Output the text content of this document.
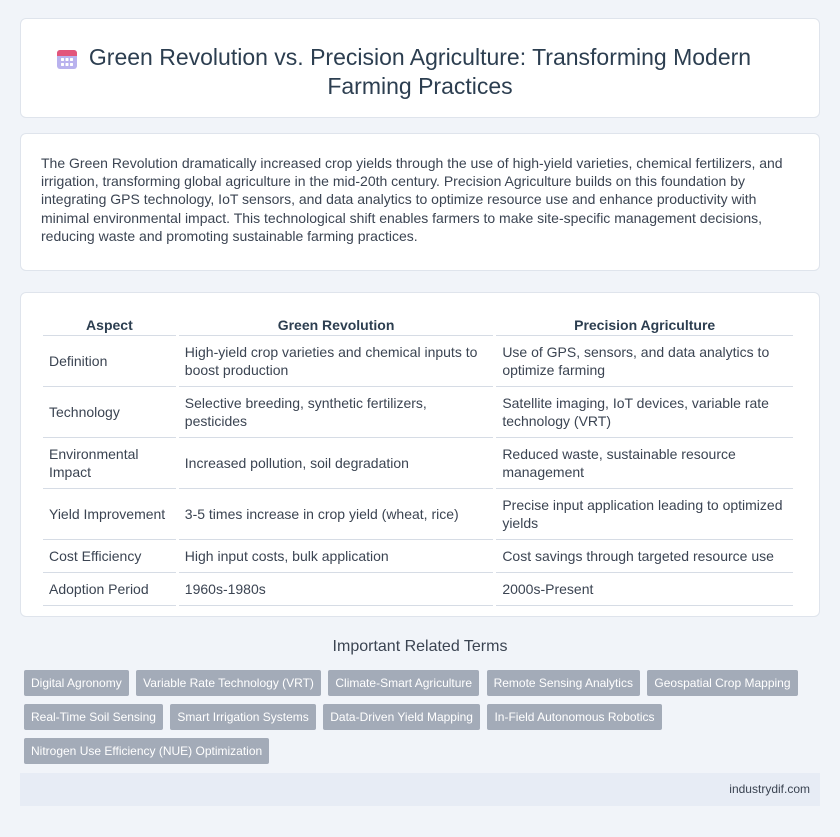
Green Revolution vs. Precision Agriculture: Transforming Modern Farming Practices

The Green Revolution dramatically increased crop yields through the use of high-yield varieties, chemical fertilizers, and irrigation, transforming global agriculture in the mid-20th century. Precision Agriculture builds on this foundation by integrating GPS technology, IoT sensors, and data analytics to optimize resource use and enhance productivity with minimal environmental impact. This technological shift enables farmers to make site-specific management decisions, reducing waste and promoting sustainable farming practices.

Aspect	Green Revolution	Precision Agriculture
Definition	High-yield crop varieties and chemical inputs to boost production	Use of GPS, sensors, and data analytics to optimize farming
Technology	Selective breeding, synthetic fertilizers, pesticides	Satellite imaging, IoT devices, variable rate technology (VRT)
Environmental Impact	Increased pollution, soil degradation	Reduced waste, sustainable resource management
Yield Improvement	3-5 times increase in crop yield (wheat, rice)	Precise input application leading to optimized yields
Cost Efficiency	High input costs, bulk application	Cost savings through targeted resource use
Adoption Period	1960s-1980s	2000s-Present
Important Related Terms
Digital Agronomy Variable Rate Technology (VRT) Climate-Smart Agriculture Remote Sensing Analytics Geospatial Crop Mapping Real-Time Soil Sensing Smart Irrigation Systems Data-Driven Yield Mapping In-Field Autonomous Robotics Nitrogen Use Efficiency (NUE) Optimization
industrydif.com
